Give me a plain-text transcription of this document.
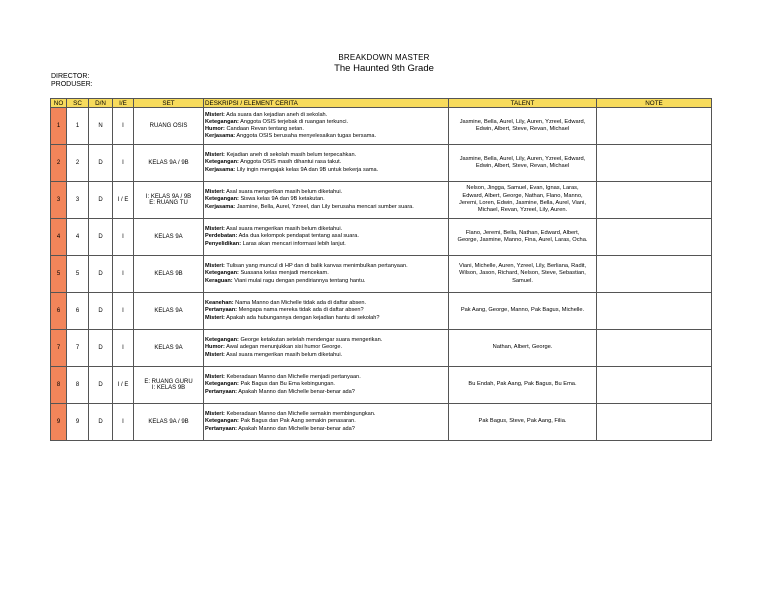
BREAKDOWN MASTER
The Haunted 9th Grade
DIRECTOR:
PRODUSER:
NO	SC	D/N	I/E	SET	DESKRIPSI / ELEMENT CERITA	TALENT	NOTE
1	1	N	I	RUANG OSIS	Misteri: Ada suara dan kejadian aneh di sekolah.
Ketegangan: Anggota OSIS terjebak di ruangan terkunci.
Humor: Candaan Revan tentang setan.
Kerjasama: Anggota OSIS berusaha menyelesaikan tugas bersama.	Jasmine, Bella, Aurel, Lily, Auren, Yzreel, Edward,
Edwin, Albert, Steve, Revan, Michael	
2	2	D	I	KELAS 9A / 9B	Misteri: Kejadian aneh di sekolah masih belum terpecahkan.
Ketegangan: Anggota OSIS masih dihantui rasa takut.
Kerjasama: Lily ingin mengajak kelas 9A dan 9B untuk bekerja sama.	Jasmine, Bella, Aurel, Lily, Auren, Yzreel, Edward,
Edwin, Albert, Steve, Revan, Michael	
3	3	D	I / E	I: KELAS 9A / 9B
E: RUANG TU	Misteri: Asal suara mengerikan masih belum diketahui.
Ketegangan: Siswa kelas 9A dan 9B ketakutan.
Kerjasama: Jasmine, Bella, Aurel, Yzreel, dan Lily berusaha mencari sumber suara.	Nelson, Jingga, Samuel, Evan, Ignas, Laras,
Edward, Albert, George, Nathan, Flano, Manno,
Jeremi, Loren, Edwin, Jasmine, Bella, Aurel, Viani,
Michael, Revan, Yzreel, Lily, Auren.	
4	4	D	I	KELAS 9A	Misteri: Asal suara mengerikan masih belum diketahui.
Perdebatan: Ada dua kelompok pendapat tentang asal suara.
Penyelidikan: Laras akan mencari informasi lebih lanjut.	Flano, Jeremi, Bella, Nathan, Edward, Albert,
George, Jasmine, Manno, Fina, Aurel, Laras, Ocha.	
5	5	D	I	KELAS 9B	Misteri: Tulisan yang muncul di HP dan di balik kanvas menimbulkan pertanyaan.
Ketegangan: Suasana kelas menjadi mencekam.
Keraguan: Viani mulai ragu dengan pendiriannya tentang hantu.	Viani, Michelle, Auren, Yzreel, Lily, Berliana, Radit,
Wilson, Jason, Richard, Nelson, Steve, Sebastian,
Samuel.	
6	6	D	I	KELAS 9A	Keanehan: Nama Manno dan Michelle tidak ada di daftar absen.
Pertanyaan: Mengapa nama mereka tidak ada di daftar absen?
Misteri: Apakah ada hubungannya dengan kejadian hantu di sekolah?	Pak Aang, George, Manno, Pak Bagus, Michelle.	
7	7	D	I	KELAS 9A	Ketegangan: George ketakutan setelah mendengar suara mengerikan.
Humor: Awal adegan menunjukkan sisi humor George.
Misteri: Asal suara mengerikan masih belum diketahui.	Nathan, Albert, George.	
8	8	D	I / E	E: RUANG GURU
I: KELAS 9B	Misteri: Keberadaan Manno dan Michelle menjadi pertanyaan.
Ketegangan: Pak Bagus dan Bu Ema kebingungan.
Pertanyaan: Apakah Manno dan Michelle benar-benar ada?	Bu Endah, Pak Aang, Pak Bagus, Bu Ema.	
9	9	D	I	KELAS 9A / 9B	Misteri: Keberadaan Manno dan Michelle semakin membingungkan.
Ketegangan: Pak Bagus dan Pak Aang semakin penasaran.
Pertanyaan: Apakah Manno dan Michelle benar-benar ada?	Pak Bagus, Steve, Pak Aang, Filia.	
